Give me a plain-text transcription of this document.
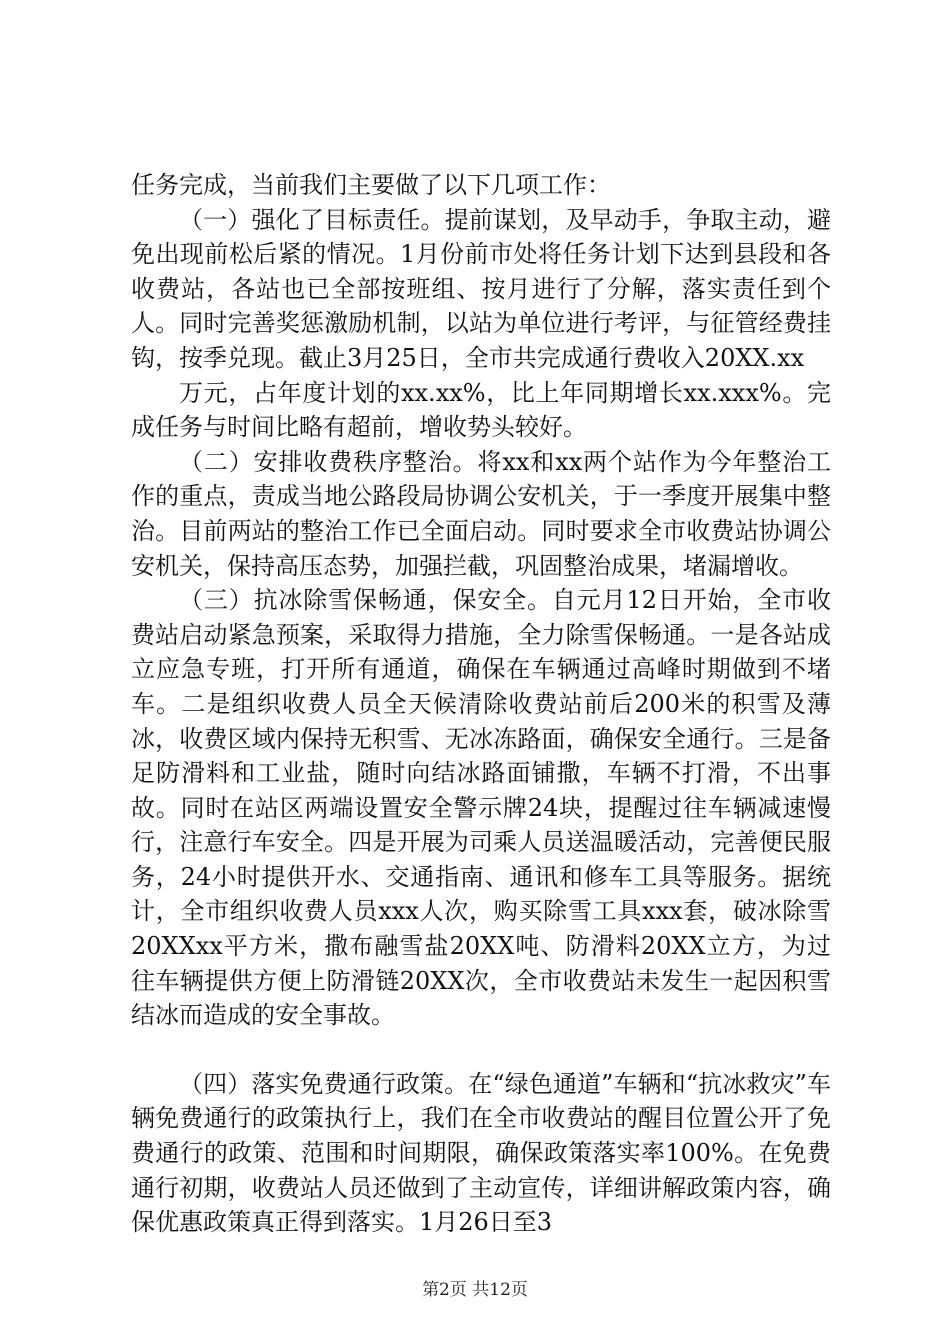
任务完成，当前我们主要做了以下几项工作：

（一）强化了目标责任。提前谋划，及早动手，争取主动，避免出现前松后紧的情况。1月份前市处将任务计划下达到县段和各收费站，各站也已全部按班组、按月进行了分解，落实责任到个人。同时完善奖惩激励机制，以站为单位进行考评，与征管经费挂钩，按季兑现。截止3月25日，全市共完成通行费收入20XX.xx

万元，占年度计划的xx.xx%，比上年同期增长xx.xxx%。完成任务与时间比略有超前，增收势头较好。

（二）安排收费秩序整治。将xx和xx两个站作为今年整治工作的重点，责成当地公路段局协调公安机关，于一季度开展集中整治。目前两站的整治工作已全面启动。同时要求全市收费站协调公安机关，保持高压态势，加强拦截，巩固整治成果，堵漏增收。

（三）抗冰除雪保畅通，保安全。自元月12日开始，全市收费站启动紧急预案，采取得力措施，全力除雪保畅通。一是各站成立应急专班，打开所有通道，确保在车辆通过高峰时期做到不堵车。二是组织收费人员全天候清除收费站前后200米的积雪及薄冰，收费区域内保持无积雪、无冰冻路面，确保安全通行。三是备足防滑料和工业盐，随时向结冰路面铺撒，车辆不打滑，不出事故。同时在站区两端设置安全警示牌24块，提醒过往车辆减速慢行，注意行车安全。四是开展为司乘人员送温暖活动，完善便民服务，24小时提供开水、交通指南、通讯和修车工具等服务。据统计，全市组织收费人员xxx人次，购买除雪工具xxx套，破冰除雪20XXxx平方米，撒布融雪盐20XX吨、防滑料20XX立方，为过往车辆提供方便上防滑链20XX次，全市收费站未发生一起因积雪结冰而造成的安全事故。

（四）落实免费通行政策。在“绿色通道”车辆和“抗冰救灾”车辆免费通行的政策执行上，我们在全市收费站的醒目位置公开了免费通行的政策、范围和时间期限，确保政策落实率100%。在免费通行初期，收费站人员还做到了主动宣传，详细讲解政策内容，确保优惠政策真正得到落实。1月26日至3

第2页 共12页
